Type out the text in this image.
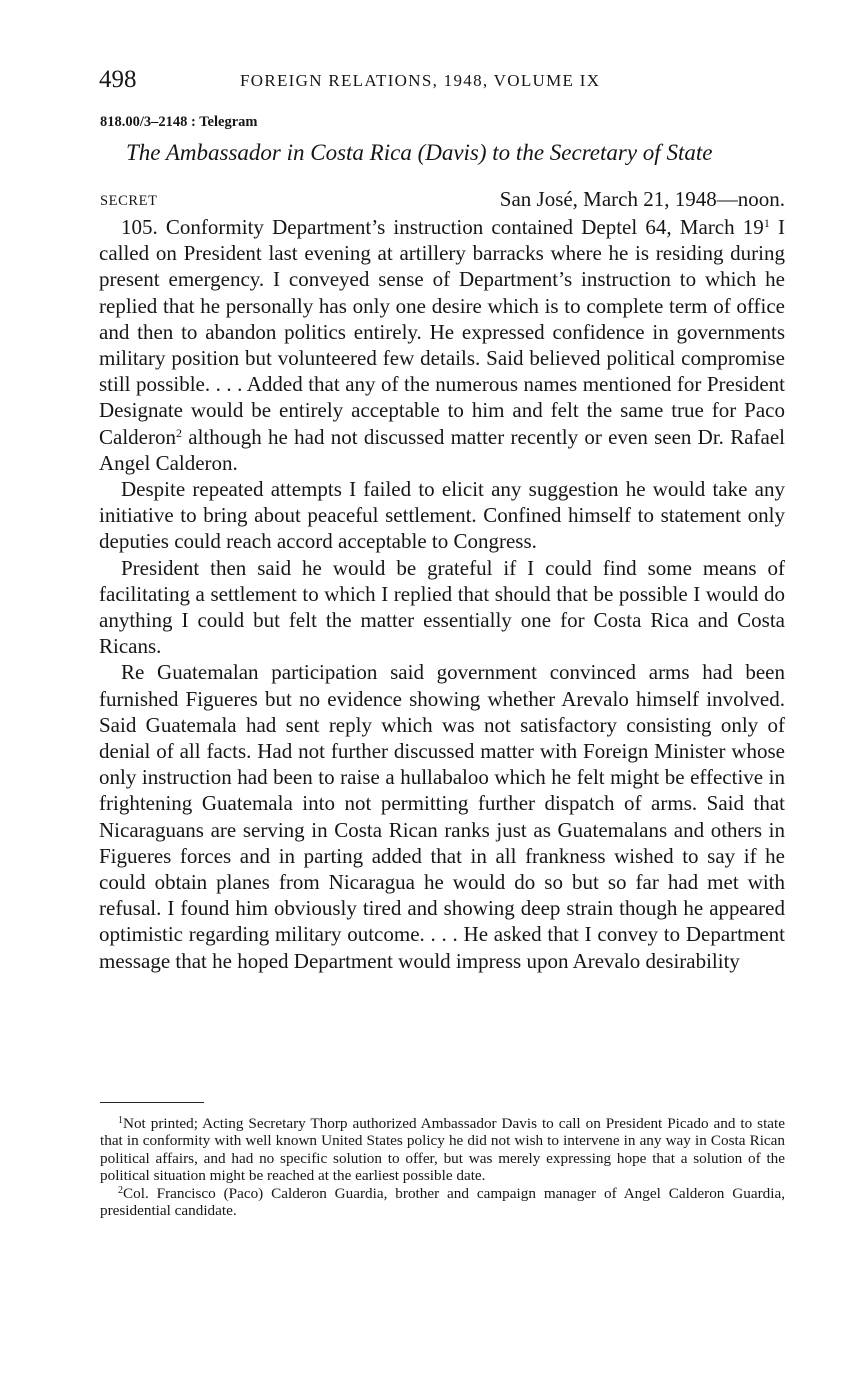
498	FOREIGN RELATIONS, 1948, VOLUME IX
818.00/3–2148 : Telegram
The Ambassador in Costa Rica (Davis) to the Secretary of State
SECRET	San José, March 21, 1948—noon.

105. Conformity Department’s instruction contained Deptel 64, March $19^1$ I called on President last evening at artillery barracks where he is residing during present emergency. I conveyed sense of Department’s instruction to which he replied that he personally has only one desire which is to complete term of office and then to abandon politics entirely. He expressed confidence in governments military position but volunteered few details. Said believed political compromise still possible. . . . Added that any of the numerous names mentioned for President Designate would be entirely acceptable to him and felt the same true for Paco Calderon$^2$ although he had not discussed matter recently or even seen Dr. Rafael Angel Calderon.

Despite repeated attempts I failed to elicit any suggestion he would take any initiative to bring about peaceful settlement. Confined himself to statement only deputies could reach accord acceptable to Congress.

President then said he would be grateful if I could find some means of facilitating a settlement to which I replied that should that be possible I would do anything I could but felt the matter essentially one for Costa Rica and Costa Ricans.

Re Guatemalan participation said government convinced arms had been furnished Figueres but no evidence showing whether Arevalo himself involved. Said Guatemala had sent reply which was not satisfactory consisting only of denial of all facts. Had not further discussed matter with Foreign Minister whose only instruction had been to raise a hullabaloo which he felt might be effective in frightening Guatemala into not permitting further dispatch of arms. Said that Nicaraguans are serving in Costa Rican ranks just as Guatemalans and others in Figueres forces and in parting added that in all frankness wished to say if he could obtain planes from Nicaragua he would do so but so far had met with refusal. I found him obviously tired and showing deep strain though he appeared optimistic regarding military outcome. . . . He asked that I convey to Department message that he hoped Department would impress upon Arevalo desirability

$^1$Not printed; Acting Secretary Thorp authorized Ambassador Davis to call on President Picado and to state that in conformity with well known United States policy he did not wish to intervene in any way in Costa Rican political affairs, and had no specific solution to offer, but was merely expressing hope that a solution of the political situation might be reached at the earliest possible date.

$^2$Col. Francisco (Paco) Calderon Guardia, brother and campaign manager of Angel Calderon Guardia, presidential candidate.
